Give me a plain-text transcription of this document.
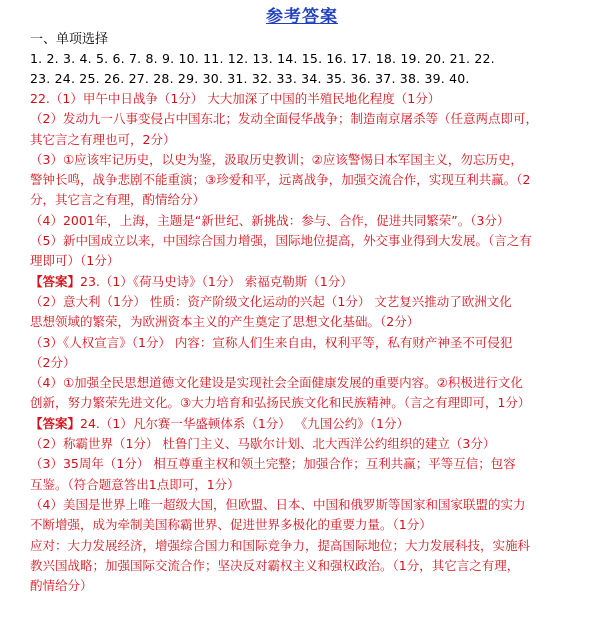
参考答案
一、单项选择
1. 2. 3. 4. 5. 6. 7. 8. 9. 10. 11. 12. 13. 14. 15. 16. 17. 18. 19. 20. 21. 22.
23. 24. 25. 26. 27. 28. 29. 30. 31. 32. 33. 34. 35. 36. 37. 38. 39. 40.

22.（1）甲午中日战争（1分） 大大加深了中国的半殖民地化程度（1分）

（2）发动九一八事变侵占中国东北；发动全面侵华战争；制造南京屠杀等（任意两点即可，

其它言之有理也可，2分）

（3）①应该牢记历史，以史为鉴，汲取历史教训；②应该警惕日本军国主义，勿忘历史，

警钟长鸣，战争悲剧不能重演；③珍爱和平，远离战争，加强交流合作，实现互利共赢。（2

分，其它言之有理，酌情给分）

（4）2001年，上海，主题是“新世纪、新挑战：参与、合作，促进共同繁荣”。（3分）

（5）新中国成立以来，中国综合国力增强，国际地位提高，外交事业得到大发展。（言之有

理即可）（1分）

【答案】23.（1）《荷马史诗》（1分） 索福克勒斯（1分）

（2）意大利（1分） 性质：资产阶级文化运动的兴起（1分） 文艺复兴推动了欧洲文化

思想领域的繁荣，为欧洲资本主义的产生奠定了思想文化基础。（2分）

（3）《人权宣言》（1分） 内容：宣称人们生来自由，权利平等，私有财产神圣不可侵犯

（2分）

（4）①加强全民思想道德文化建设是实现社会全面健康发展的重要内容。②积极进行文化

创新，努力繁荣先进文化。③大力培育和弘扬民族文化和民族精神。（言之有理即可，1分）

【答案】24.（1）凡尔赛一华盛顿体系（1分） 《九国公约》（1分）

（2）称霸世界（1分） 杜鲁门主义、马歇尔计划、北大西洋公约组织的建立（3分）

（3）35周年（1分） 相互尊重主权和领土完整；加强合作；互利共赢；平等互信；包容

互鉴。（符合题意答出1点即可，1分）

（4）美国是世界上唯一超级大国，但欧盟、日本、中国和俄罗斯等国家和国家联盟的实力

不断增强，成为牵制美国称霸世界、促进世界多极化的重要力量。（1分）

应对：大力发展经济，增强综合国力和国际竞争力，提高国际地位；大力发展科技，实施科

教兴国战略；加强国际交流合作；坚决反对霸权主义和强权政治。（1分，其它言之有理，

酌情给分）
